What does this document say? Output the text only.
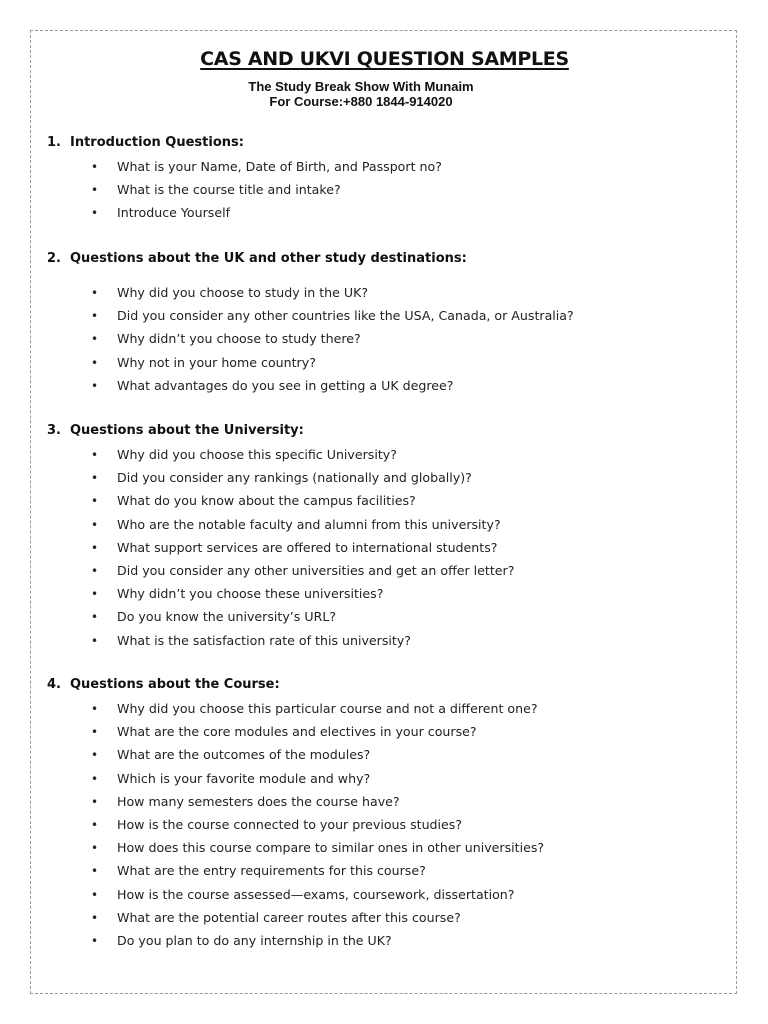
CAS AND UKVI QUESTION SAMPLES
The Study Break Show With Munaim
For Course:+880 1844-914020
1. Introduction Questions:
• What is your Name, Date of Birth, and Passport no?
• What is the course title and intake?
• Introduce Yourself
2. Questions about the UK and other study destinations:
• Why did you choose to study in the UK?
• Did you consider any other countries like the USA, Canada, or Australia?
• Why didn’t you choose to study there?
• Why not in your home country?
• What advantages do you see in getting a UK degree?
3. Questions about the University:
• Why did you choose this specific University?
• Did you consider any rankings (nationally and globally)?
• What do you know about the campus facilities?
• Who are the notable faculty and alumni from this university?
• What support services are offered to international students?
• Did you consider any other universities and get an offer letter?
• Why didn’t you choose these universities?
• Do you know the university’s URL?
• What is the satisfaction rate of this university?
4. Questions about the Course:
• Why did you choose this particular course and not a different one?
• What are the core modules and electives in your course?
• What are the outcomes of the modules?
• Which is your favorite module and why?
• How many semesters does the course have?
• How is the course connected to your previous studies?
• How does this course compare to similar ones in other universities?
• What are the entry requirements for this course?
• How is the course assessed—exams, coursework, dissertation?
• What are the potential career routes after this course?
• Do you plan to do any internship in the UK?
